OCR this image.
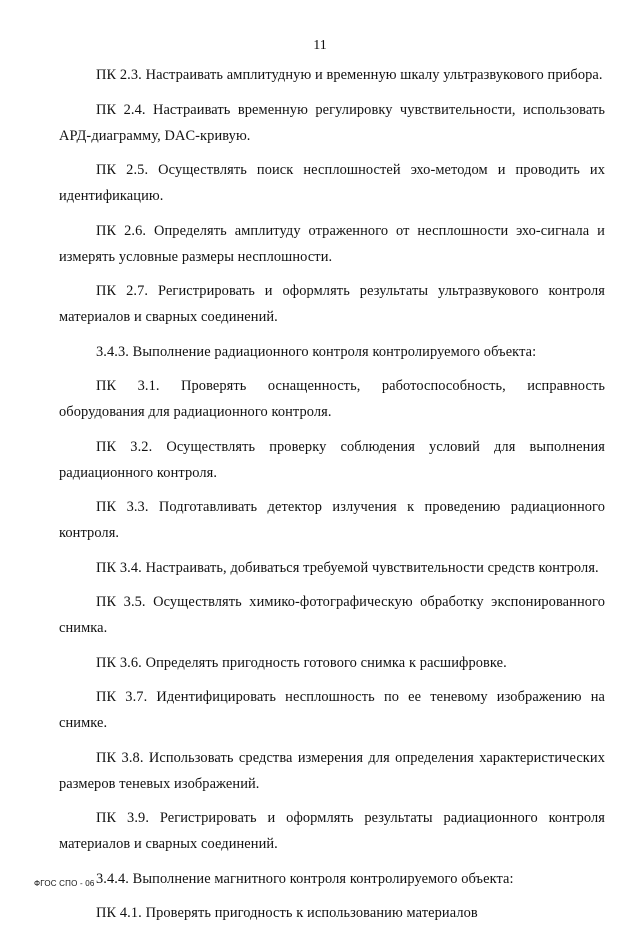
11

ПК 2.3. Настраивать амплитудную и временную шкалу ультразвукового прибора.

ПК 2.4. Настраивать временную регулировку чувствительности, использовать АРД-диаграмму, DAC-кривую.

ПК 2.5. Осуществлять поиск несплошностей эхо-методом и проводить их идентификацию.

ПК 2.6. Определять амплитуду отраженного от несплошности эхо-сигнала и измерять условные размеры несплошности.

ПК 2.7. Регистрировать и оформлять результаты ультразвукового контроля материалов и сварных соединений.

3.4.3. Выполнение радиационного контроля контролируемого объекта:

ПК 3.1. Проверять оснащенность, работоспособность, исправность оборудования для радиационного контроля.

ПК 3.2. Осуществлять проверку соблюдения условий для выполнения радиационного контроля.

ПК 3.3. Подготавливать детектор излучения к проведению радиационного контроля.

ПК 3.4. Настраивать, добиваться требуемой чувствительности средств контроля.

ПК 3.5. Осуществлять химико-фотографическую обработку экспонированного снимка.

ПК 3.6. Определять пригодность готового снимка к расшифровке.

ПК 3.7. Идентифицировать несплошность по ее теневому изображению на снимке.

ПК 3.8. Использовать средства измерения для определения характеристических размеров теневых изображений.

ПК 3.9. Регистрировать и оформлять результаты радиационного контроля материалов и сварных соединений.

3.4.4. Выполнение магнитного контроля контролируемого объекта:

ПК 4.1. Проверять пригодность к использованию материалов

ФГОС СПО - 06
